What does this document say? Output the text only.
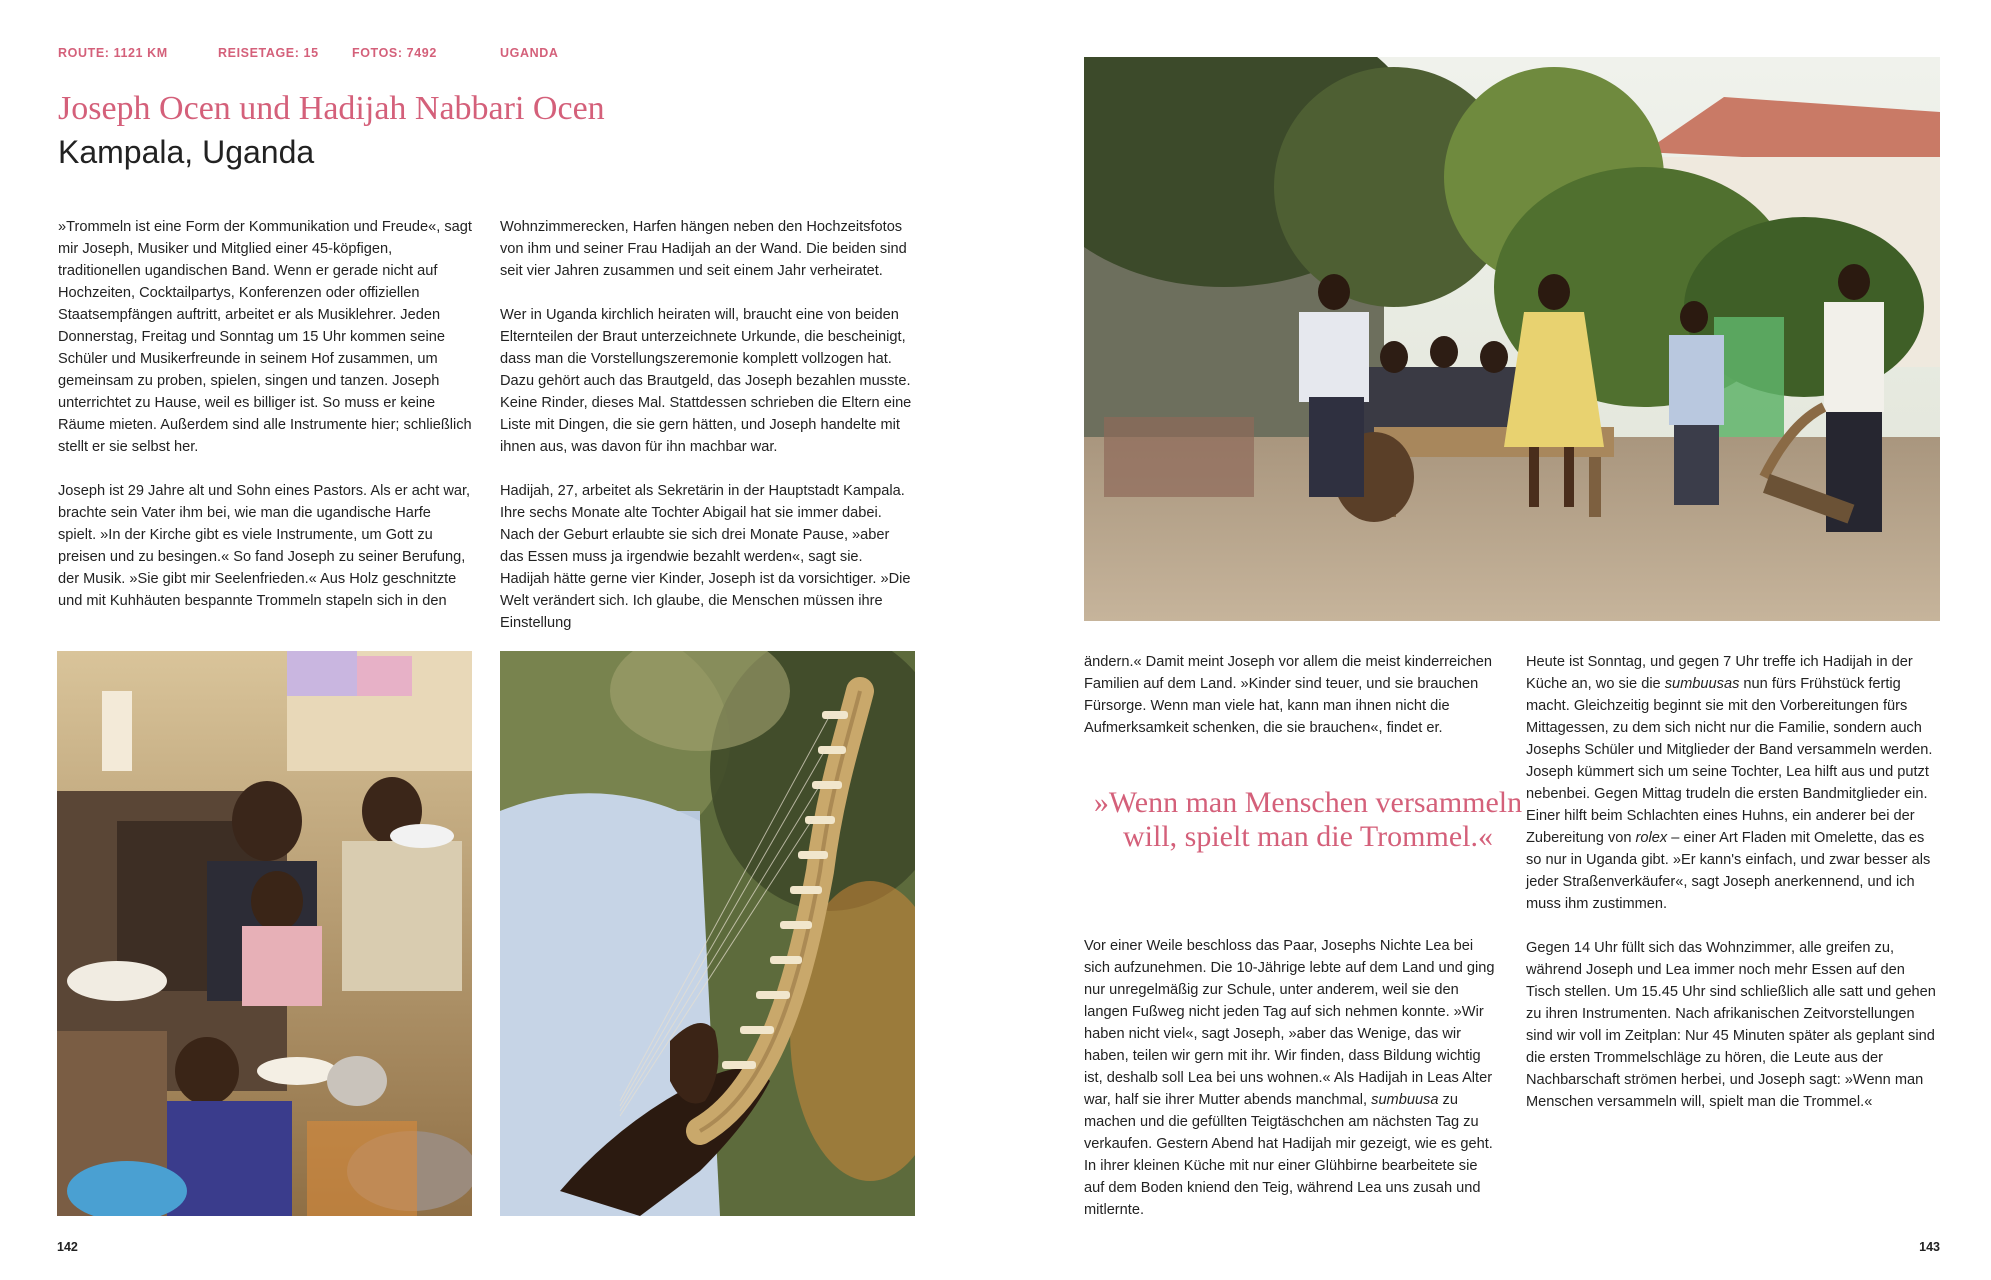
ROUTE: 1121 KM	REISETAGE: 15	FOTOS: 7492	UGANDA
Joseph Ocen und Hadijah Nabbari Ocen
Kampala, Uganda

»Trommeln ist eine Form der Kommunikation und Freude«, sagt mir Joseph, Musiker und Mitglied einer 45-köpfigen, traditionellen ugandischen Band. Wenn er gerade nicht auf Hochzeiten, Cocktailpartys, Konferenzen oder offiziellen Staatsempfängen auftritt, arbeitet er als Musiklehrer. Jeden Donnerstag, Freitag und Sonntag um 15 Uhr kommen seine Schüler und Musikerfreunde in seinem Hof zusammen, um gemeinsam zu proben, spielen, singen und tanzen. Joseph unterrichtet zu Hause, weil es billiger ist. So muss er keine Räume mieten. Außerdem sind alle Instrumente hier; schließlich stellt er sie selbst her.

Joseph ist 29 Jahre alt und Sohn eines Pastors. Als er acht war, brachte sein Vater ihm bei, wie man die ugandische Harfe spielt. »In der Kirche gibt es viele Instrumente, um Gott zu preisen und zu besingen.« So fand Joseph zu seiner Berufung, der Musik. »Sie gibt mir Seelenfrieden.« Aus Holz geschnitzte und mit Kuhhäuten bespannte Trommeln stapeln sich in den

Wohnzimmerecken, Harfen hängen neben den Hochzeitsfotos von ihm und seiner Frau Hadijah an der Wand. Die beiden sind seit vier Jahren zusammen und seit einem Jahr verheiratet.

Wer in Uganda kirchlich heiraten will, braucht eine von beiden Elternteilen der Braut unterzeichnete Urkunde, die bescheinigt, dass man die Vorstellungszeremonie komplett vollzogen hat. Dazu gehört auch das Brautgeld, das Joseph bezahlen musste. Keine Rinder, dieses Mal. Stattdessen schrieben die Eltern eine Liste mit Dingen, die sie gern hätten, und Joseph handelte mit ihnen aus, was davon für ihn machbar war.

Hadijah, 27, arbeitet als Sekretärin in der Hauptstadt Kampala. Ihre sechs Monate alte Tochter Abigail hat sie immer dabei. Nach der Geburt erlaubte sie sich drei Monate Pause, »aber das Essen muss ja irgendwie bezahlt werden«, sagt sie. Hadijah hätte gerne vier Kinder, Joseph ist da vorsichtiger. »Die Welt verändert sich. Ich glaube, die Menschen müssen ihre Einstellung

ändern.« Damit meint Joseph vor allem die meist kinderreichen Familien auf dem Land. »Kinder sind teuer, und sie brauchen Fürsorge. Wenn man viele hat, kann man ihnen nicht die Aufmerksamkeit schenken, die sie brauchen«, findet er.

»Wenn man Menschen versammeln will, spielt man die Trommel.«

Vor einer Weile beschloss das Paar, Josephs Nichte Lea bei sich aufzunehmen. Die 10-Jährige lebte auf dem Land und ging nur unregelmäßig zur Schule, unter anderem, weil sie den langen Fußweg nicht jeden Tag auf sich nehmen konnte. »Wir haben nicht viel«, sagt Joseph, »aber das Wenige, das wir haben, teilen wir gern mit ihr. Wir finden, dass Bildung wichtig ist, deshalb soll Lea bei uns wohnen.« Als Hadijah in Leas Alter war, half sie ihrer Mutter abends manchmal, sumbuusa zu machen und die gefüllten Teigtäschchen am nächsten Tag zu verkaufen. Gestern Abend hat Hadijah mir gezeigt, wie es geht. In ihrer kleinen Küche mit nur einer Glühbirne bearbeitete sie auf dem Boden kniend den Teig, während Lea uns zusah und mitlernte.

Heute ist Sonntag, und gegen 7 Uhr treffe ich Hadijah in der Küche an, wo sie die sumbuusas nun fürs Frühstück fertig macht. Gleichzeitig beginnt sie mit den Vorbereitungen fürs Mittagessen, zu dem sich nicht nur die Familie, sondern auch Josephs Schüler und Mitglieder der Band versammeln werden. Joseph kümmert sich um seine Tochter, Lea hilft aus und putzt nebenbei. Gegen Mittag trudeln die ersten Bandmitglieder ein. Einer hilft beim Schlachten eines Huhns, ein anderer bei der Zubereitung von rolex – einer Art Fladen mit Omelette, das es so nur in Uganda gibt. »Er kann's einfach, und zwar besser als jeder Straßenverkäufer«, sagt Joseph anerkennend, und ich muss ihm zustimmen.

Gegen 14 Uhr füllt sich das Wohnzimmer, alle greifen zu, während Joseph und Lea immer noch mehr Essen auf den Tisch stellen. Um 15.45 Uhr sind schließlich alle satt und gehen zu ihren Instrumenten. Nach afrikanischen Zeitvorstellungen sind wir voll im Zeitplan: Nur 45 Minuten später als geplant sind die ersten Trommelschläge zu hören, die Leute aus der Nachbarschaft strömen herbei, und Joseph sagt: »Wenn man Menschen versammeln will, spielt man die Trommel.«

142	143
